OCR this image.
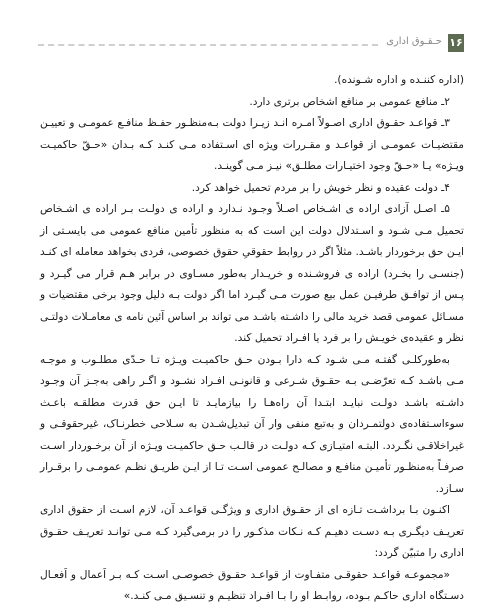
حـقـوق اداری ۱۶

(اداره کننـده و اداره شـونده).

۲ـ منافع عمومی بر منافع اشخاص برتری دارد.

۳ـ قواعـد حقـوق اداری اصـولاً امـره انـد زیـرا دولت بـه‌منظـور حفـظ منافـع عمومـی و تعییـن مقتضیـات عمومـی از قواعـد و مقـررات ویژه ای اسـتفاده مـی کنـد کـه بـدان «حـقّ حاکمیـت ویـژه» یـا «حـقّ وجود اختیـارات مطلـق» نیـز مـی گوینـد.

۴ـ دولت عقیده و نظر خویش را بر مردم تحمیل خواهد کرد.

۵ـ اصـل آزادی اراده ی اشـخاص اصـلاً وجـود نـدارد و اراده ی دولـت بـر اراده ی اشـخاص تحمیل مـی شـود و اسـتدلال دولت این است که به منظور تأمین منافع عمومی می بایسـتی از ایـن حق برخوردار باشـد. مثلاً اگر در روابط حقوقیِ حقوق خصوصی، فردی بخواهد معامله ای کنـد (جنسـی را بخـرد) اراده ی فروشـنده و خریـدار به‌طور مسـاوی در برابر هـم قرار می گیـرد و پـس از توافـق طرفیـن عمل بیع صورت مـی گیـرد اما اگر دولت بـه دلیل وجود برخی مقتضیات و مسـائل عمومی قصد خرید مالی را داشـته باشـد می تواند بر اساس آئین نامه ی معامـلات دولتـی نظر و عقیده‌ی خویـش را بر فرد یا افـراد تحمیل کند.

به‌طورکلـی گفتـه مـی شـود کـه دارا بـودن حـق حاکمیـت ویـژه تـا حـدّی مطلـوب و موجـه مـی باشـد کـه تعرّضـی بـه حقـوق شـرعی و قانونـی افـراد نشـود و اگـر راهی به‌جـز آن وجـود داشـته باشـد دولـت نبایـد ابتـدا آن راه‌هـا را بیازمایـد تا ایـن حق قدرت مطلقـه باعـث سوءاسـتفاده‌ی دولتمـردان و به‌تبع منفی وار آن تبدیل‌شـدن به سـلاحی خطرنـاک، غیرحقوقـی و غیراخلاقـی نگـردد. البتـه امتیـازی کـه دولـت در قالـب حـق حاکمیـت ویـژه از آن برخـوردار اسـت صرفـاً به‌منظـور تأمیـن منافـع و مصالـح عمومی اسـت تـا از ایـن طریـق نظـم عمومـی را برقـرار سـازد.

اکنـون بـا برداشـت تـازه ای از حقـوق اداری و ویژگـی قواعـد آن، لازم اسـت از حقوق اداری تعریـف دیگـری بـه دسـت دهیـم کـه نـکات مذکـور را در برمی‌گیرد کـه مـی توانـد تعریـف حقـوق اداری را متبیّن گردد:

«مجموعـه قواعـد حقوقـی متفـاوت از قواعـد حقـوق خصوصـی اسـت کـه بـر اَعمال و اَفعـال دسـتگاه اداری حاکـم بـوده، روابـط او را بـا افـراد تنظیـم و تنسـیق مـی کنـد.»
